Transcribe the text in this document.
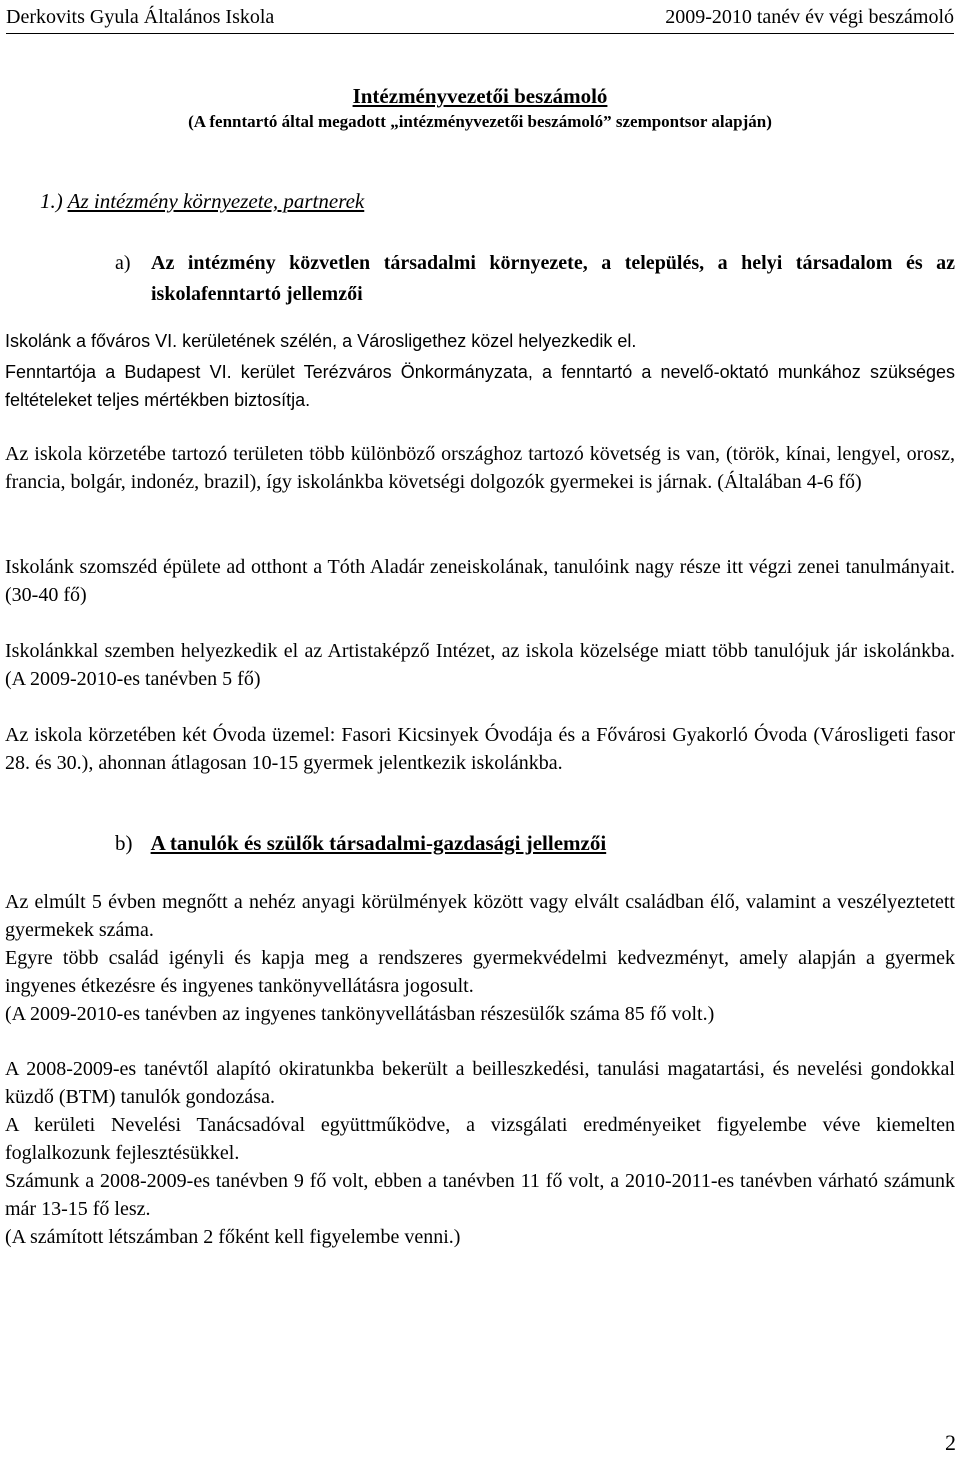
Derkovits Gyula Általános Iskola	2009-2010 tanév év végi beszámoló
Intézményvezetői beszámoló
(A fenntartó által megadott „intézményvezetői beszámoló” szempontsor alapján)
1.) Az intézmény környezete, partnerek
a) Az intézmény közvetlen társadalmi környezete, a település, a helyi társadalom és az iskolafenntartó jellemzői

Iskolánk a főváros VI. kerületének szélén, a Városligethez közel helyezkedik el.

Fenntartója a Budapest VI. kerület Terézváros Önkormányzata, a fenntartó a nevelő-oktató munkához szükséges feltételeket teljes mértékben biztosítja.

Az iskola körzetébe tartozó területen több különböző országhoz tartozó követség is van, (török, kínai, lengyel, orosz, francia, bolgár, indonéz, brazil), így iskolánkba követségi dolgozók gyermekei is járnak. (Általában 4-6 fő)

Iskolánk szomszéd épülete ad otthont a Tóth Aladár zeneiskolának, tanulóink nagy része itt végzi zenei tanulmányait. (30-40 fő)

Iskolánkkal szemben helyezkedik el az Artistaképző Intézet, az iskola közelsége miatt több tanulójuk jár iskolánkba. (A 2009-2010-es tanévben 5 fő)

Az iskola körzetében két Óvoda üzemel: Fasori Kicsinyek Óvodája és a Fővárosi Gyakorló Óvoda (Városligeti fasor 28. és 30.), ahonnan átlagosan 10-15 gyermek jelentkezik iskolánkba.

b) A tanulók és szülők társadalmi-gazdasági jellemzői

Az elmúlt 5 évben megnőtt a nehéz anyagi körülmények között vagy elvált családban élő, valamint a veszélyeztetett gyermekek száma.

Egyre több család igényli és kapja meg a rendszeres gyermekvédelmi kedvezményt, amely alapján a gyermek ingyenes étkezésre és ingyenes tankönyvellátásra jogosult.

(A 2009-2010-es tanévben az ingyenes tankönyvellátásban részesülők száma 85 fő volt.)

A 2008-2009-es tanévtől alapító okiratunkba bekerült a beilleszkedési, tanulási magatartási, és nevelési gondokkal küzdő (BTM) tanulók gondozása.

A kerületi Nevelési Tanácsadóval együttműködve, a vizsgálati eredményeiket figyelembe véve kiemelten foglalkozunk fejlesztésükkel.

Számunk a 2008-2009-es tanévben 9 fő volt, ebben a tanévben 11 fő volt, a 2010-2011-es tanévben várható számunk már 13-15 fő lesz.

(A számított létszámban 2 főként kell figyelembe venni.)

2
